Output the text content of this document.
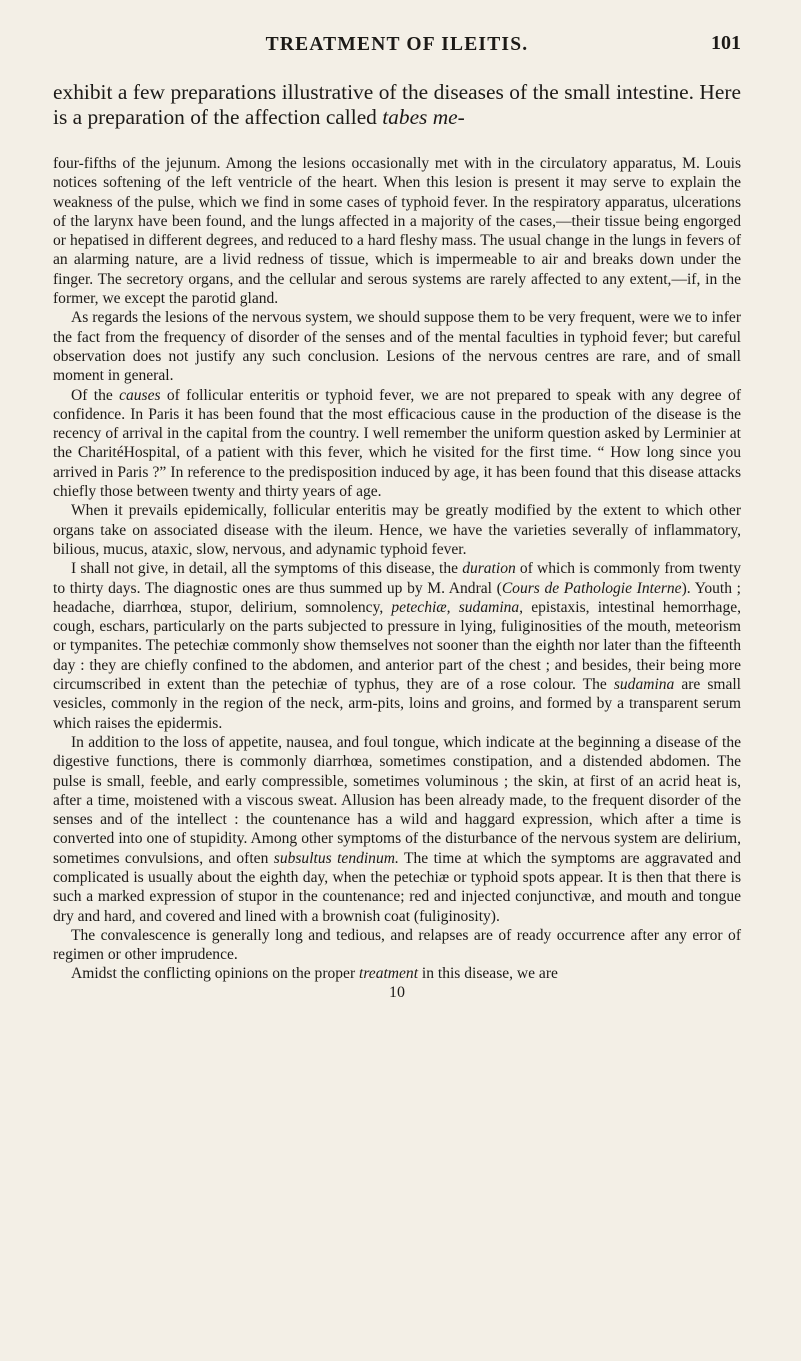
TREATMENT OF ILEITIS.	101

exhibit a few preparations illustrative of the diseases of the small intestine. Here is a preparation of the affection called tabes me-

four-fifths of the jejunum. Among the lesions occasionally met with in the circulatory apparatus, M. Louis notices softening of the left ventricle of the heart. When this lesion is present it may serve to explain the weakness of the pulse, which we find in some cases of typhoid fever. In the respiratory apparatus, ulcerations of the larynx have been found, and the lungs affected in a majority of the cases,—their tissue being engorged or hepatised in different degrees, and reduced to a hard fleshy mass. The usual change in the lungs in fevers of an alarming nature, are a livid redness of tissue, which is impermeable to air and breaks down under the finger. The secretory organs, and the cellular and serous systems are rarely affected to any extent,—if, in the former, we except the parotid gland.

As regards the lesions of the nervous system, we should suppose them to be very frequent, were we to infer the fact from the frequency of disorder of the senses and of the mental faculties in typhoid fever; but careful observation does not justify any such conclusion. Lesions of the nervous centres are rare, and of small moment in general.

Of the causes of follicular enteritis or typhoid fever, we are not prepared to speak with any degree of confidence. In Paris it has been found that the most efficacious cause in the production of the disease is the recency of arrival in the capital from the country. I well remember the uniform question asked by Lerminier at the CharitéHospital, of a patient with this fever, which he visited for the first time. “ How long since you arrived in Paris ?” In reference to the predisposition induced by age, it has been found that this disease attacks chiefly those between twenty and thirty years of age.

When it prevails epidemically, follicular enteritis may be greatly modified by the extent to which other organs take on associated disease with the ileum. Hence, we have the varieties severally of inflammatory, bilious, mucus, ataxic, slow, nervous, and adynamic typhoid fever.

I shall not give, in detail, all the symptoms of this disease, the duration of which is commonly from twenty to thirty days. The diagnostic ones are thus summed up by M. Andral (Cours de Pathologie Interne). Youth ; headache, diarrhœa, stupor, delirium, somnolency, petechiæ, sudamina, epistaxis, intestinal hemorrhage, cough, eschars, particularly on the parts subjected to pressure in lying, fuliginosities of the mouth, meteorism or tympanites. The petechiæ commonly show themselves not sooner than the eighth nor later than the fifteenth day : they are chiefly confined to the abdomen, and anterior part of the chest ; and besides, their being more circumscribed in extent than the petechiæ of typhus, they are of a rose colour. The sudamina are small vesicles, commonly in the region of the neck, arm-pits, loins and groins, and formed by a transparent serum which raises the epidermis.

In addition to the loss of appetite, nausea, and foul tongue, which indicate at the beginning a disease of the digestive functions, there is commonly diarrhœa, sometimes constipation, and a distended abdomen. The pulse is small, feeble, and early compressible, sometimes voluminous ; the skin, at first of an acrid heat is, after a time, moistened with a viscous sweat. Allusion has been already made, to the frequent disorder of the senses and of the intellect : the countenance has a wild and haggard expression, which after a time is converted into one of stupidity. Among other symptoms of the disturbance of the nervous system are delirium, sometimes convulsions, and often subsultus tendinum. The time at which the symptoms are aggravated and complicated is usually about the eighth day, when the petechiæ or typhoid spots appear. It is then that there is such a marked expression of stupor in the countenance; red and injected conjunctivæ, and mouth and tongue dry and hard, and covered and lined with a brownish coat (fuliginosity).

The convalescence is generally long and tedious, and relapses are of ready occurrence after any error of regimen or other imprudence.

Amidst the conflicting opinions on the proper treatment in this disease, we are

10
